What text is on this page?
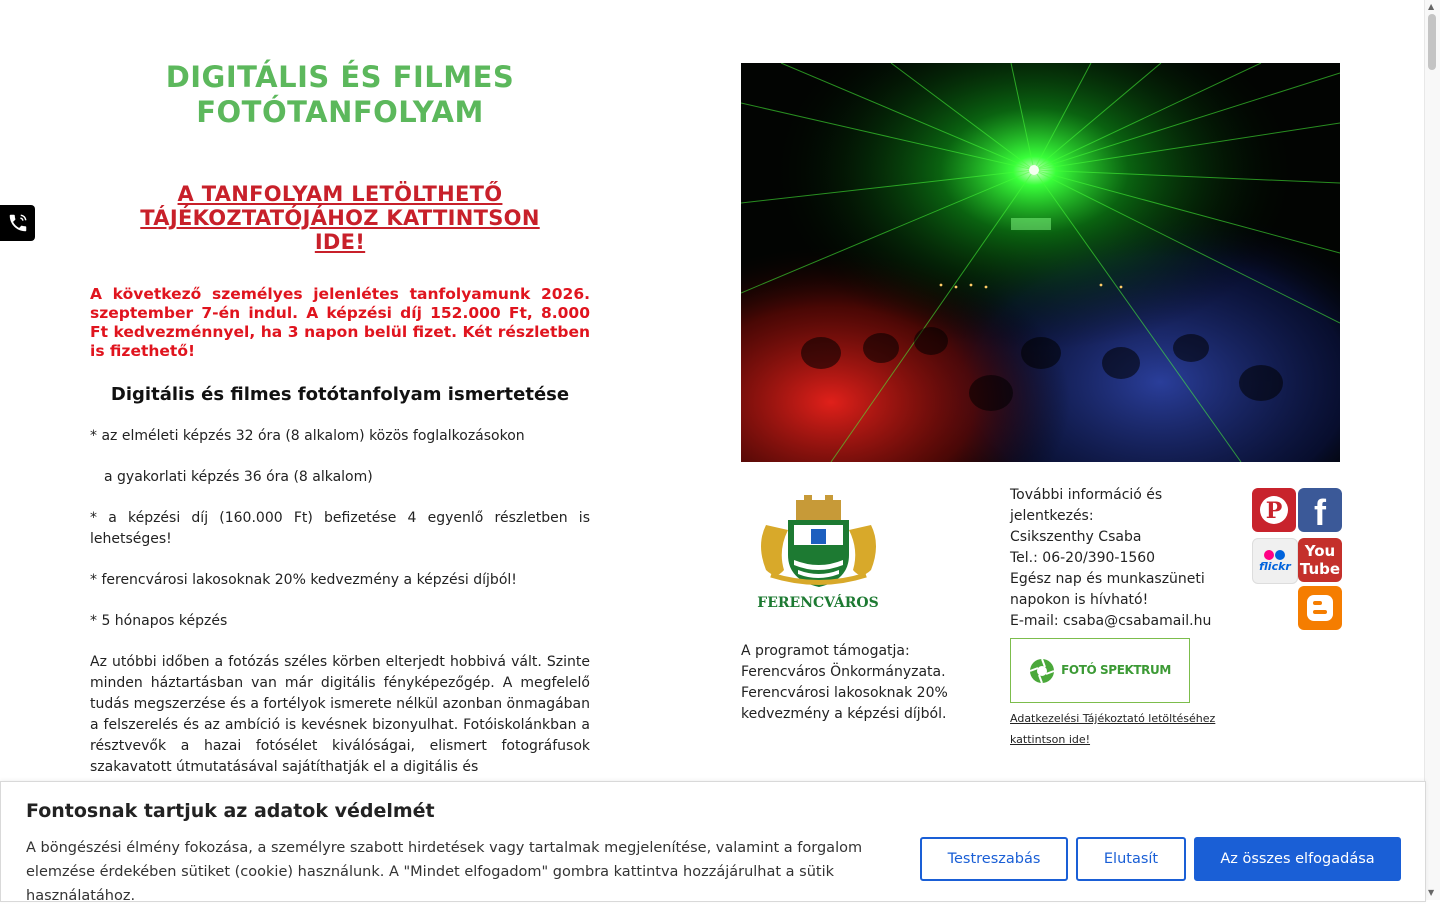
▲
▼
DIGITÁLIS ÉS FILMES FOTÓTANFOLYAM
A TANFOLYAM LETÖLTHETŐ TÁJÉKOZTATÓJÁHOZ KATTINTSON IDE!
A következő személyes jelenlétes tanfolyamunk 2026. szeptember 7-én indul. A képzési díj 152.000 Ft, 8.000 Ft kedvezménnyel, ha 3 napon belül fizet. Két részletben is fizethető!
Digitális és filmes fotótanfolyam ismertetése
* az elméleti képzés 32 óra (8 alkalom) közös foglalkozásokon
a gyakorlati képzés 36 óra (8 alkalom)
* a képzési díj (160.000 Ft) befizetése 4 egyenlő részletben is lehetséges!
* ferencvárosi lakosoknak 20% kedvezmény a képzési díjból!
* 5 hónapos képzés
Az utóbbi időben a fotózás széles körben elterjedt hobbivá vált. Szinte minden háztartásban van már digitális fényképezőgép. A megfelelő tudás megszerzése és a fortélyok ismerete nélkül azonban önmagában a felszerelés és az ambíció is kevésnek bizonyulhat. Fotóiskolánkban a résztvevők a hazai fotósélet kiválóságai, elismert fotográfusok szakavatott útmutatásával sajátíthatják el a digitális és
FERENCVÁROS
A programot támogatja:
Ferencváros Önkormányzata.
Ferencvárosi lakosoknak 20%
kedvezmény a képzési díjból.
További információ és
jelentkezés:
Csikszenthy Csaba
Tel.: 06-20/390-1560
Egész nap és munkaszüneti
napokon is hívható!
E-mail: csaba@csabamail.hu
FOTÓ SPEKTRUM
Adatkezelési Tájékoztató letöltéséhez
kattintson ide!
P f
flickr
You
Tube
B
Fontosnak tartjuk az adatok védelmét
A böngészési élmény fokozása, a személyre szabott hirdetések vagy tartalmak megjelenítése, valamint a forgalom elemzése érdekében sütiket (cookie) használunk. A "Mindet elfogadom" gombra kattintva hozzájárulhat a sütik használatához.
Testreszabás	Elutasít	Az összes elfogadása
